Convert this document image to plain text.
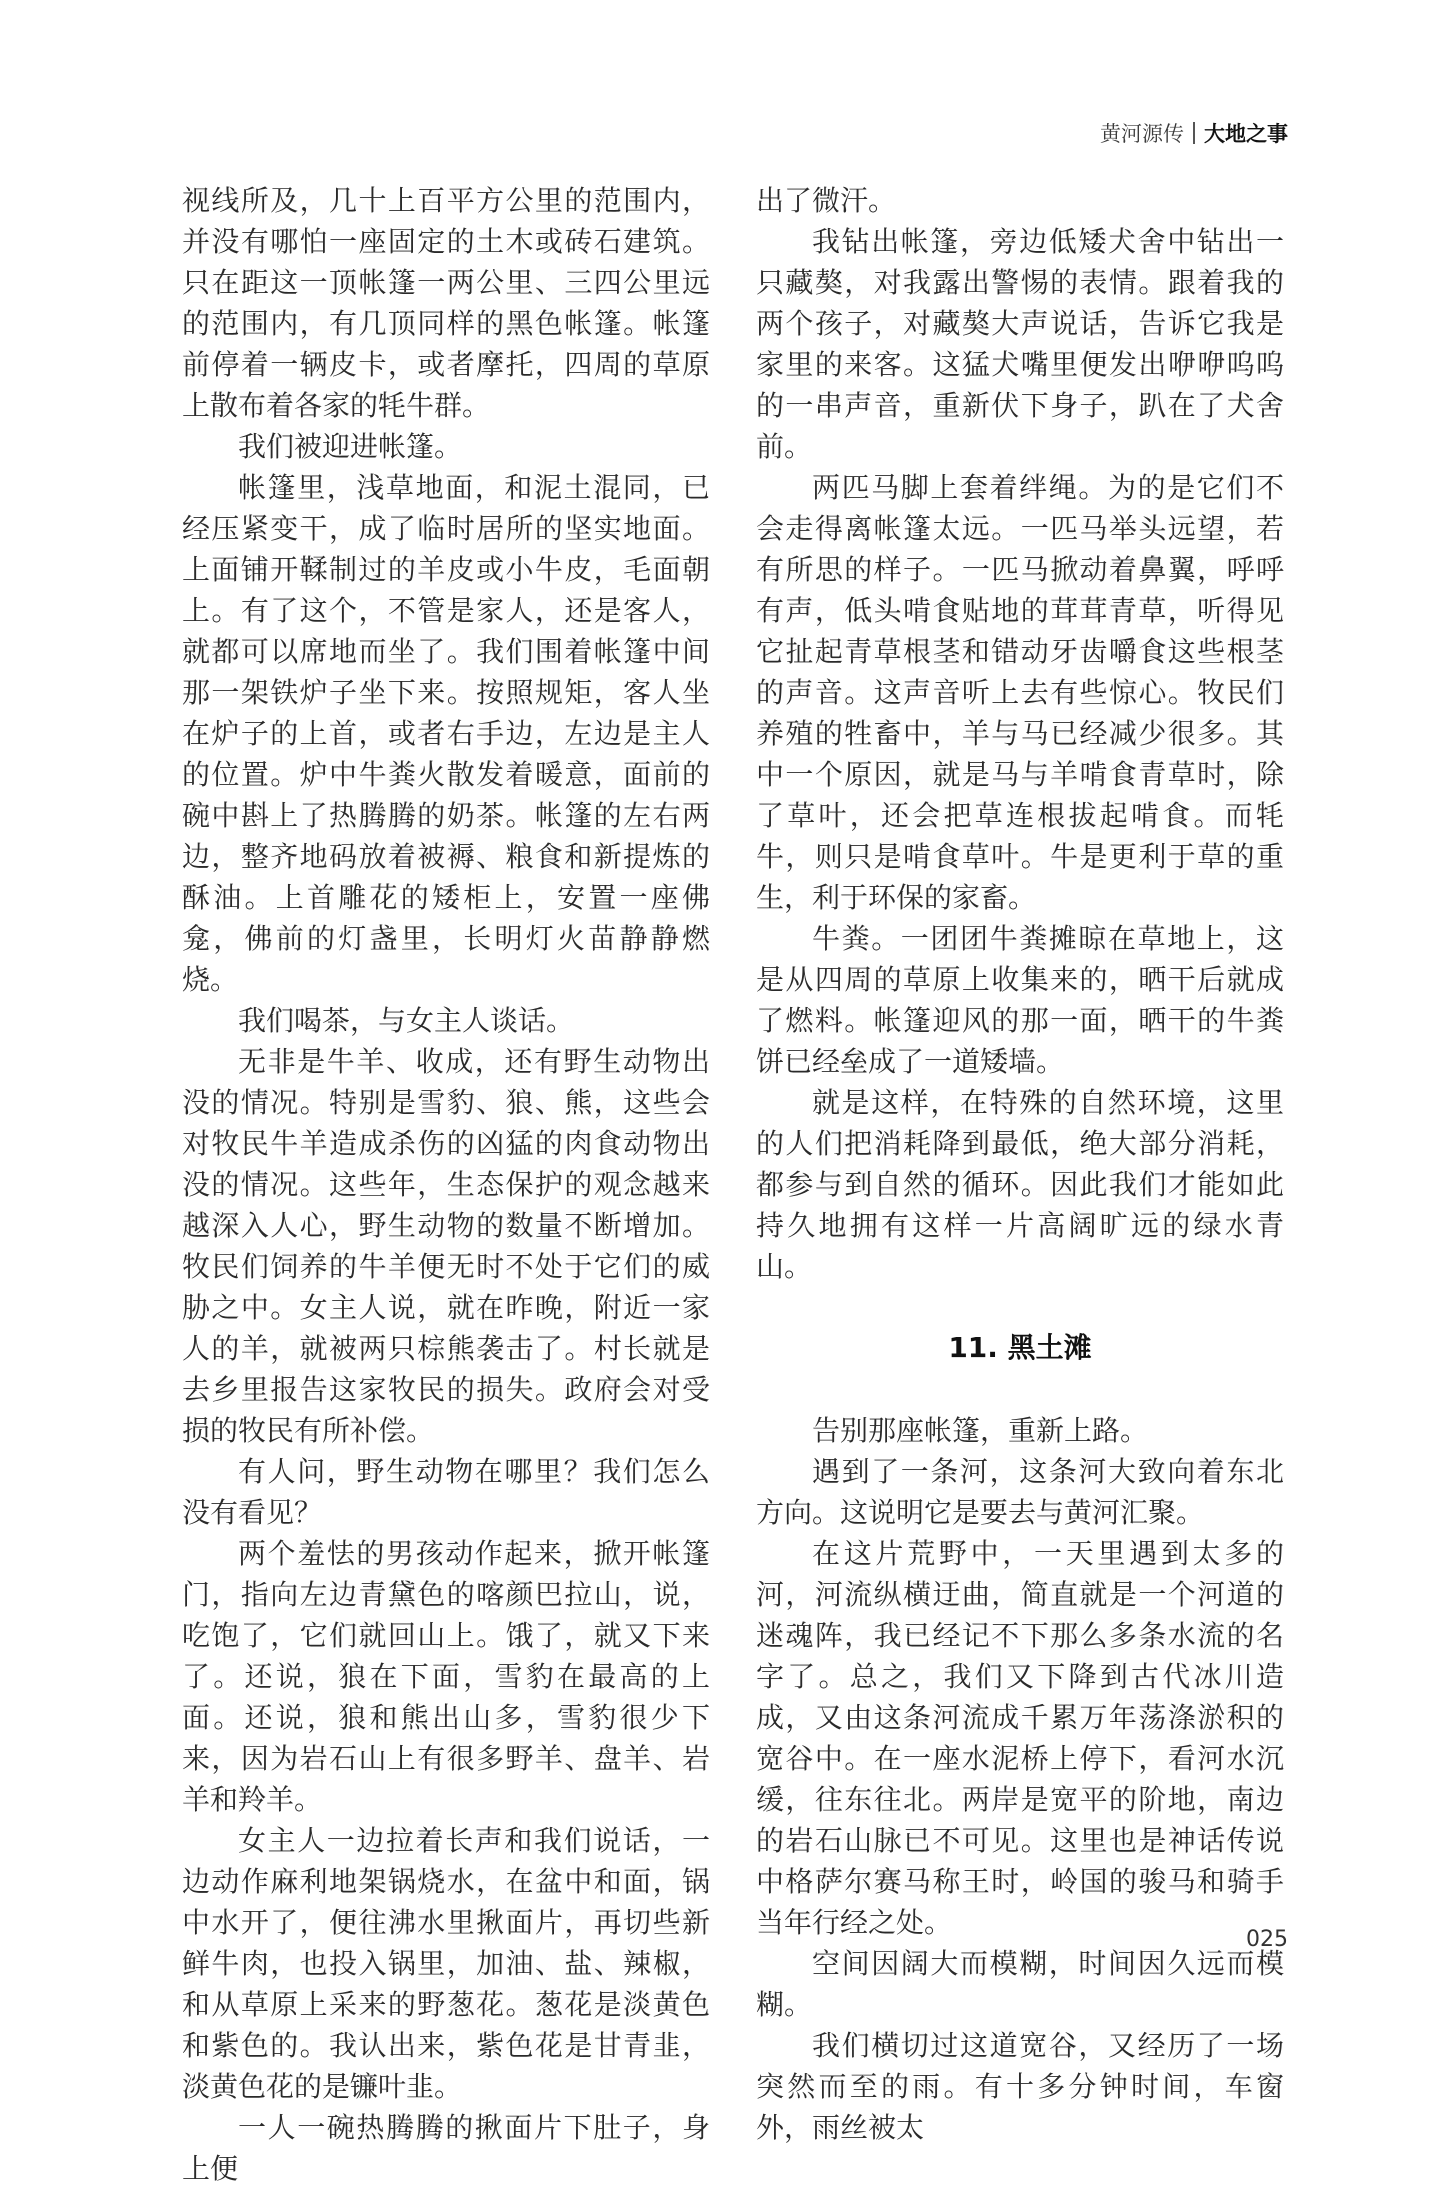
黄河源传 大地之事

视线所及，几十上百平方公里的范围内，并没有哪怕一座固定的土木或砖石建筑。只在距这一顶帐篷一两公里、三四公里远的范围内，有几顶同样的黑色帐篷。帐篷前停着一辆皮卡，或者摩托，四周的草原上散布着各家的牦牛群。

我们被迎进帐篷。

帐篷里，浅草地面，和泥土混同，已经压紧变干，成了临时居所的坚实地面。上面铺开鞣制过的羊皮或小牛皮，毛面朝上。有了这个，不管是家人，还是客人，就都可以席地而坐了。我们围着帐篷中间那一架铁炉子坐下来。按照规矩，客人坐在炉子的上首，或者右手边，左边是主人的位置。炉中牛粪火散发着暖意，面前的碗中斟上了热腾腾的奶茶。帐篷的左右两边，整齐地码放着被褥、粮食和新提炼的酥油。上首雕花的矮柜上，安置一座佛龛，佛前的灯盏里，长明灯火苗静静燃烧。

我们喝茶，与女主人谈话。

无非是牛羊、收成，还有野生动物出没的情况。特别是雪豹、狼、熊，这些会对牧民牛羊造成杀伤的凶猛的肉食动物出没的情况。这些年，生态保护的观念越来越深入人心，野生动物的数量不断增加。牧民们饲养的牛羊便无时不处于它们的威胁之中。女主人说，就在昨晚，附近一家人的羊，就被两只棕熊袭击了。村长就是去乡里报告这家牧民的损失。政府会对受损的牧民有所补偿。

有人问，野生动物在哪里？我们怎么没有看见？

两个羞怯的男孩动作起来，掀开帐篷门，指向左边青黛色的喀颜巴拉山，说，吃饱了，它们就回山上。饿了，就又下来了。还说，狼在下面，雪豹在最高的上面。还说，狼和熊出山多，雪豹很少下来，因为岩石山上有很多野羊、盘羊、岩羊和羚羊。

女主人一边拉着长声和我们说话，一边动作麻利地架锅烧水，在盆中和面，锅中水开了，便往沸水里揪面片，再切些新鲜牛肉，也投入锅里，加油、盐、辣椒，和从草原上采来的野葱花。葱花是淡黄色和紫色的。我认出来，紫色花是甘青韭，淡黄色花的是镰叶韭。

一人一碗热腾腾的揪面片下肚子，身上便

出了微汗。

我钻出帐篷，旁边低矮犬舍中钻出一只藏獒，对我露出警惕的表情。跟着我的两个孩子，对藏獒大声说话，告诉它我是家里的来客。这猛犬嘴里便发出咿咿呜呜的一串声音，重新伏下身子，趴在了犬舍前。

两匹马脚上套着绊绳。为的是它们不会走得离帐篷太远。一匹马举头远望，若有所思的样子。一匹马掀动着鼻翼，呼呼有声，低头啃食贴地的茸茸青草，听得见它扯起青草根茎和错动牙齿嚼食这些根茎的声音。这声音听上去有些惊心。牧民们养殖的牲畜中，羊与马已经减少很多。其中一个原因，就是马与羊啃食青草时，除了草叶，还会把草连根拔起啃食。而牦牛，则只是啃食草叶。牛是更利于草的重生，利于环保的家畜。

牛粪。一团团牛粪摊晾在草地上，这是从四周的草原上收集来的，晒干后就成了燃料。帐篷迎风的那一面，晒干的牛粪饼已经垒成了一道矮墙。

就是这样，在特殊的自然环境，这里的人们把消耗降到最低，绝大部分消耗，都参与到自然的循环。因此我们才能如此持久地拥有这样一片高阔旷远的绿水青山。

11. 黑土滩

告别那座帐篷，重新上路。

遇到了一条河，这条河大致向着东北方向。这说明它是要去与黄河汇聚。

在这片荒野中，一天里遇到太多的河，河流纵横迂曲，简直就是一个河道的迷魂阵，我已经记不下那么多条水流的名字了。总之，我们又下降到古代冰川造成，又由这条河流成千累万年荡涤淤积的宽谷中。在一座水泥桥上停下，看河水沉缓，往东往北。两岸是宽平的阶地，南边的岩石山脉已不可见。这里也是神话传说中格萨尔赛马称王时，岭国的骏马和骑手当年行经之处。

空间因阔大而模糊，时间因久远而模糊。

我们横切过这道宽谷，又经历了一场突然而至的雨。有十多分钟时间，车窗外，雨丝被太

025
